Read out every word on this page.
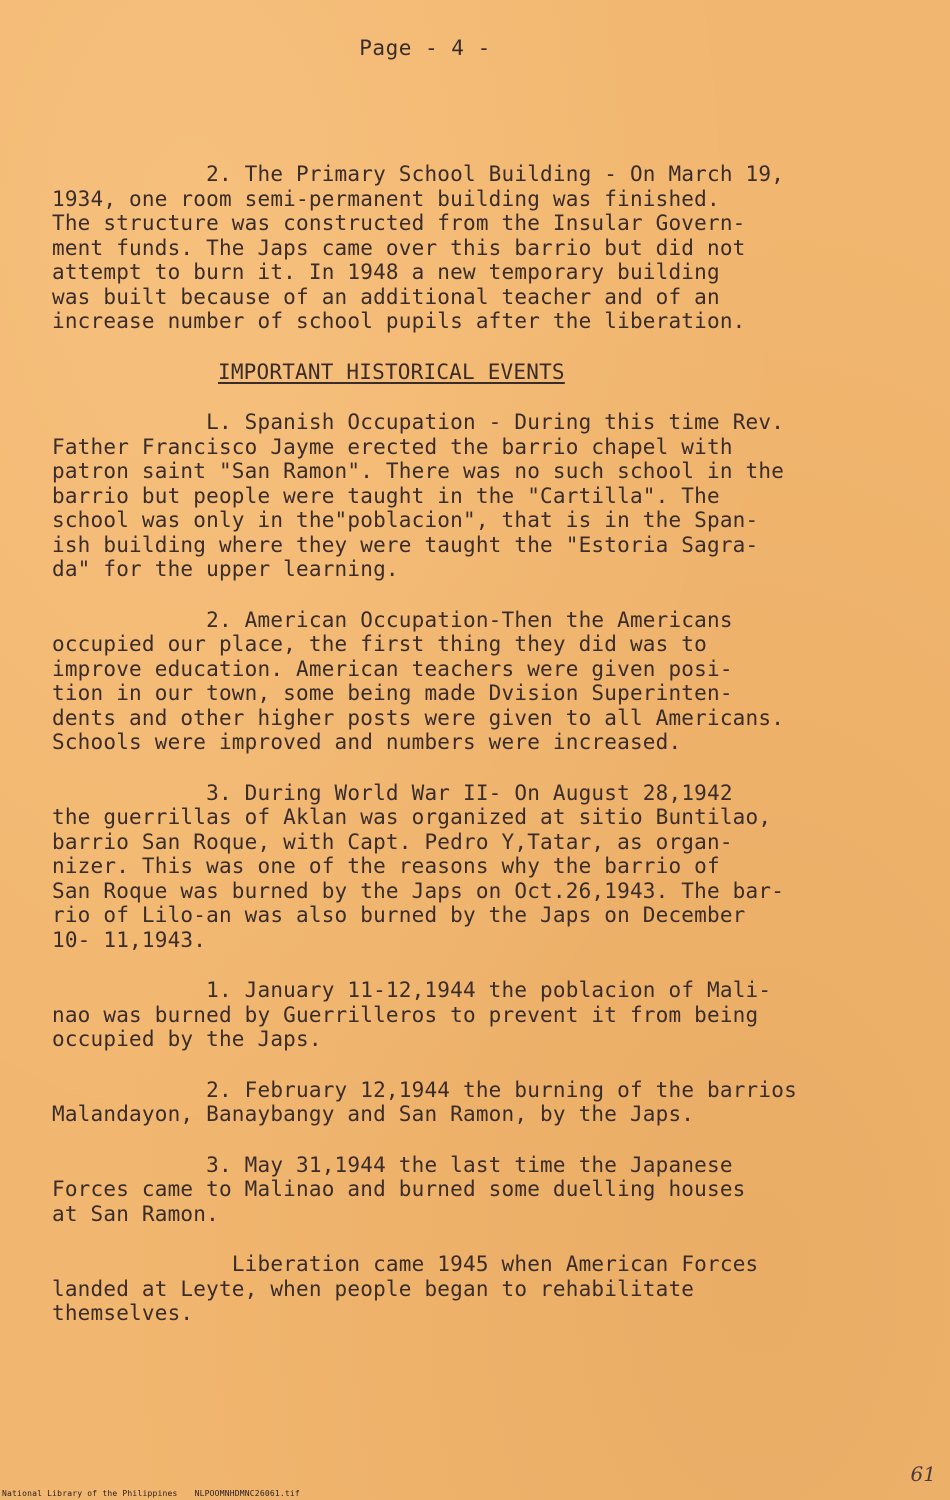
Page - 4 -

2. The Primary School Building - On March 19,
1934, one room semi-permanent building was finished.
The structure was constructed from the Insular Govern-
ment funds. The Japs came over this barrio but did not
attempt to burn it. In 1948 a new temporary building
was built because of an additional teacher and of an
increase number of school pupils after the liberation.

IMPORTANT HISTORICAL EVENTS

L. Spanish Occupation - During this time Rev.
Father Francisco Jayme erected the barrio chapel with
patron saint "San Ramon". There was no such school in the
barrio but people were taught in the "Cartilla". The
school was only in the"poblacion", that is in the Span-
ish building where they were taught the "Estoria Sagra-
da" for the upper learning.

2. American Occupation-Then the Americans
occupied our place, the first thing they did was to
improve education. American teachers were given posi-
tion in our town, some being made Dvision Superinten-
dents and other higher posts were given to all Americans.
Schools were improved and numbers were increased.

3. During World War II- On August 28,1942
the guerrillas of Aklan was organized at sitio Buntilao,
barrio San Roque, with Capt. Pedro Y,Tatar, as organ-
nizer. This was one of the reasons why the barrio of
San Roque was burned by the Japs on Oct.26,1943. The bar-
rio of Lilo-an was also burned by the Japs on December
10- 11,1943.

1. January 11-12,1944 the poblacion of Mali-
nao was burned by Guerrilleros to prevent it from being
occupied by the Japs.

2. February 12,1944 the burning of the barrios
Malandayon, Banaybangy and San Ramon, by the Japs.

3. May 31,1944 the last time the Japanese
Forces came to Malinao and burned some duelling houses
at San Ramon.

Liberation came 1945 when American Forces
landed at Leyte, when people began to rehabilitate
themselves.

61
National Library of the Philippines NLPOOMNHDMNC26061.tif
